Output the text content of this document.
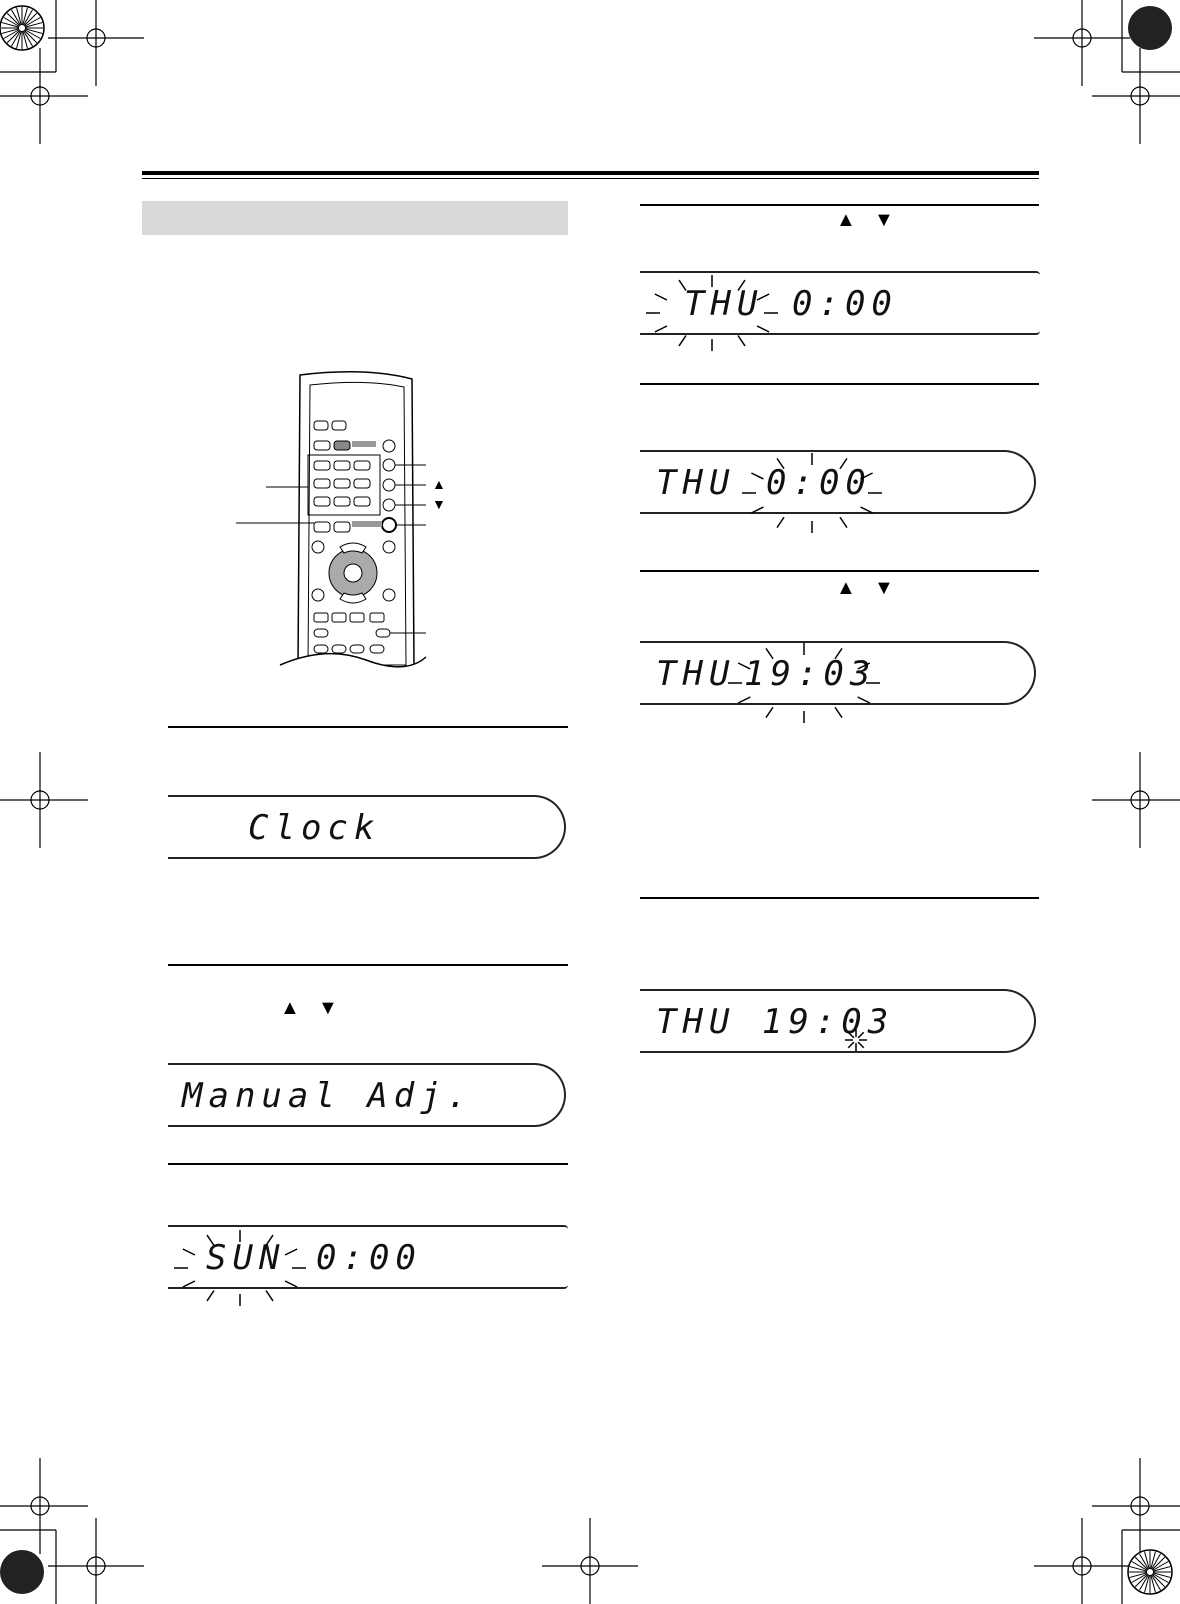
▲
▼
Clock
▲ ▼
Manual Adj.
SUN 0:00
▲ ▼
THU 0:00
THU 0:00
▲ ▼
THU 19:03
THU 19:03
